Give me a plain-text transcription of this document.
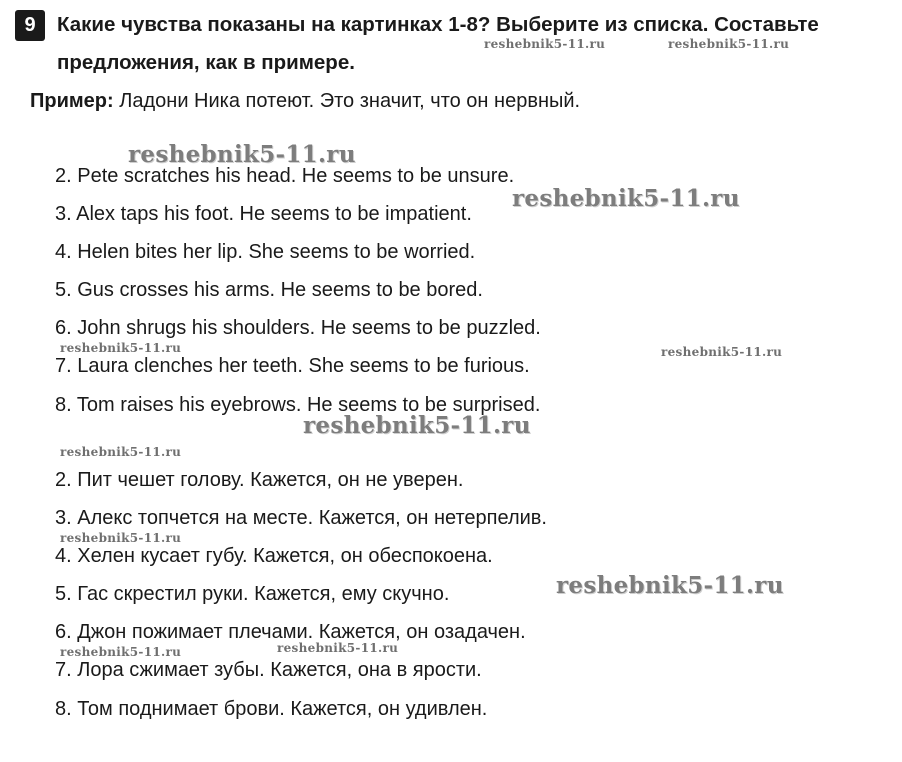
9	Какие чувства показаны на картинках 1-8? Выберите из списка. Составьте
предложения, как в примере.
Пример: Ладони Ника потеют. Это значит, что он нервный.
2. Pete scratches his head. He seems to be unsure.
3. Alex taps his foot. He seems to be impatient.
4. Helen bites her lip. She seems to be worried.
5. Gus crosses his arms. He seems to be bored.
6. John shrugs his shoulders. He seems to be puzzled.
7. Laura clenches her teeth. She seems to be furious.
8. Tom raises his eyebrows. He seems to be surprised.
2. Пит чешет голову. Кажется, он не уверен.
3. Алекс топчется на месте. Кажется, он нетерпелив.
4. Хелен кусает губу. Кажется, он обеспокоена.
5. Гас скрестил руки. Кажется, ему скучно.
6. Джон пожимает плечами. Кажется, он озадачен.
7. Лора сжимает зубы. Кажется, она в ярости.
8. Том поднимает брови. Кажется, он удивлен.
reshebnik5-11.ru	reshebnik5-11.ru
reshebnik5-11.ru
reshebnik5-11.ru
reshebnik5-11.ru	reshebnik5-11.ru
reshebnik5-11.ru
reshebnik5-11.ru
reshebnik5-11.ru
reshebnik5-11.ru
reshebnik5-11.ru	reshebnik5-11.ru
